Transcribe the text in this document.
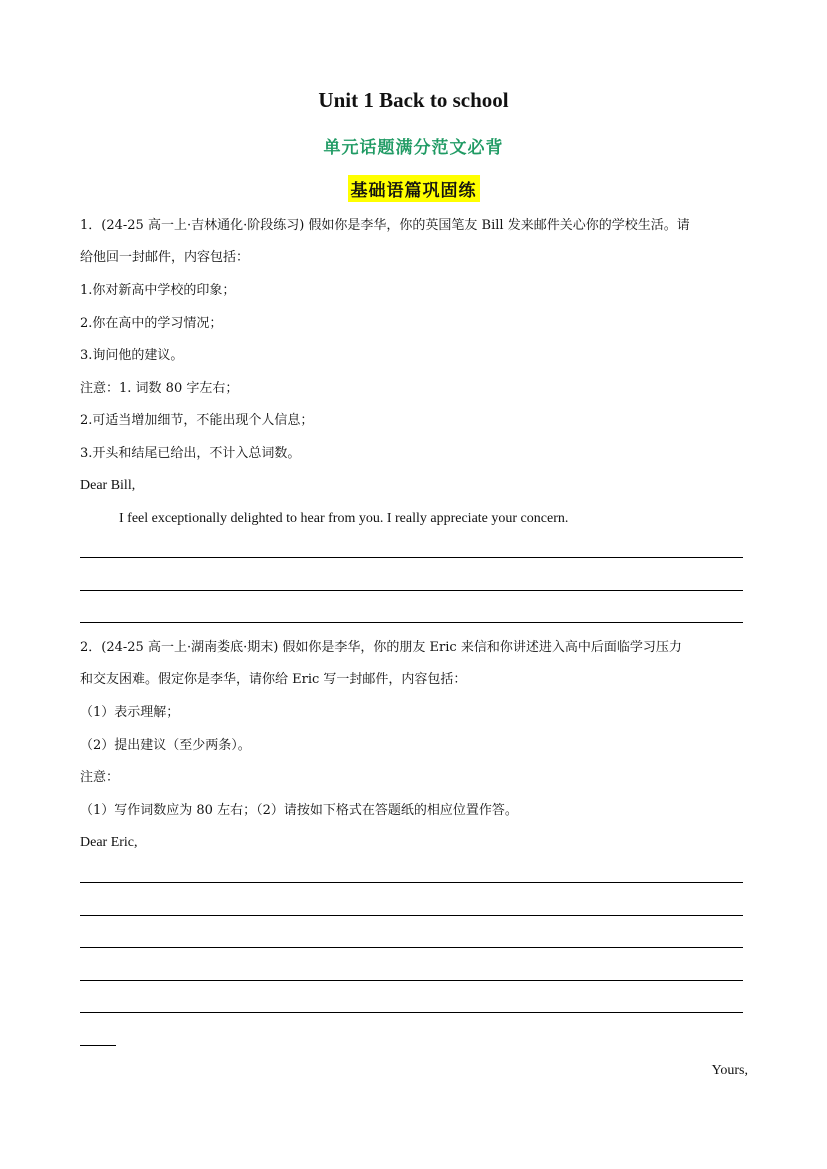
Unit 1 Back to school
单元话题满分范文必背
基础语篇巩固练
1．(24-25 高一上·吉林通化·阶段练习) 假如你是李华，你的英国笔友 Bill 发来邮件关心你的学校生活。请
给他回一封邮件，内容包括：
1.你对新高中学校的印象；
2.你在高中的学习情况；
3.询问他的建议。
注意：1. 词数 80 字左右；
2.可适当增加细节，不能出现个人信息；
3.开头和结尾已给出，不计入总词数。
Dear Bill,
I feel exceptionally delighted to hear from you. I really appreciate your concern.
2．(24-25 高一上·湖南娄底·期末) 假如你是李华，你的朋友 Eric 来信和你讲述进入高中后面临学习压力
和交友困难。假定你是李华，请你给 Eric 写一封邮件，内容包括：
（1）表示理解；
（2）提出建议（至少两条）。
注意：
（1）写作词数应为 80 左右；（2）请按如下格式在答题纸的相应位置作答。
Dear Eric,
Yours,
